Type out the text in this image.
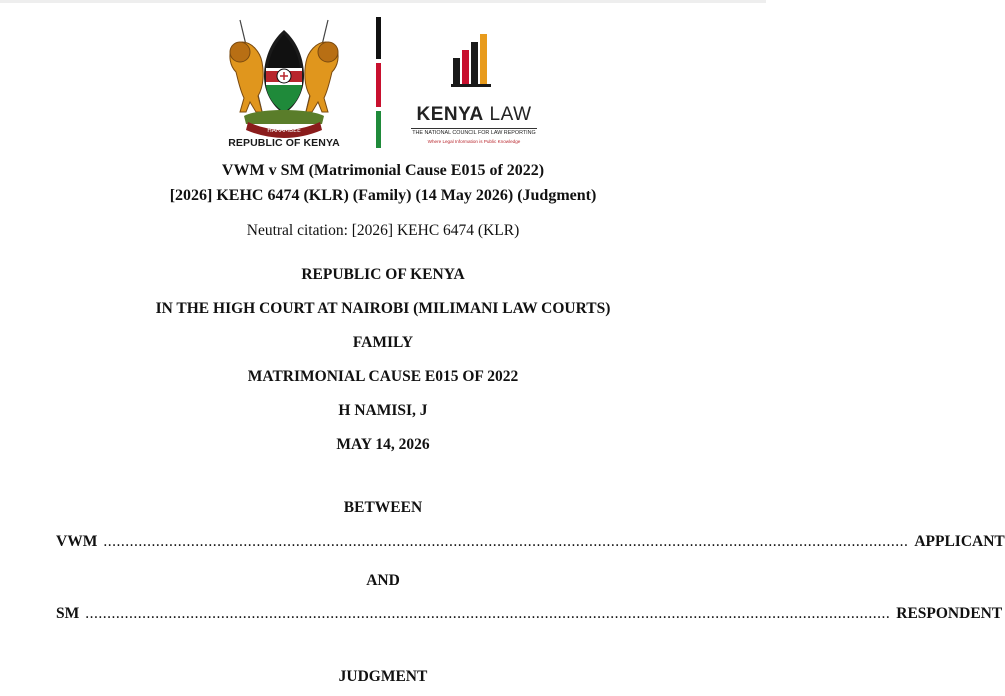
HARAMBEE
REPUBLIC OF KENYA
KENYA LAW
THE NATIONAL COUNCIL FOR LAW REPORTING
Where Legal Information is Public Knowledge
VWM v SM (Matrimonial Cause E015 of 2022)
[2026] KEHC 6474 (KLR) (Family) (14 May 2026) (Judgment)
Neutral citation: [2026] KEHC 6474 (KLR)
REPUBLIC OF KENYA
IN THE HIGH COURT AT NAIROBI (MILIMANI LAW COURTS)
FAMILY
MATRIMONIAL CAUSE E015 OF 2022
H NAMISI, J
MAY 14, 2026
BETWEEN
VWM ........................................................................................................................................................................................ APPLICANT
AND
SM ........................................................................................................................................................................................ RESPONDENT
JUDGMENT
